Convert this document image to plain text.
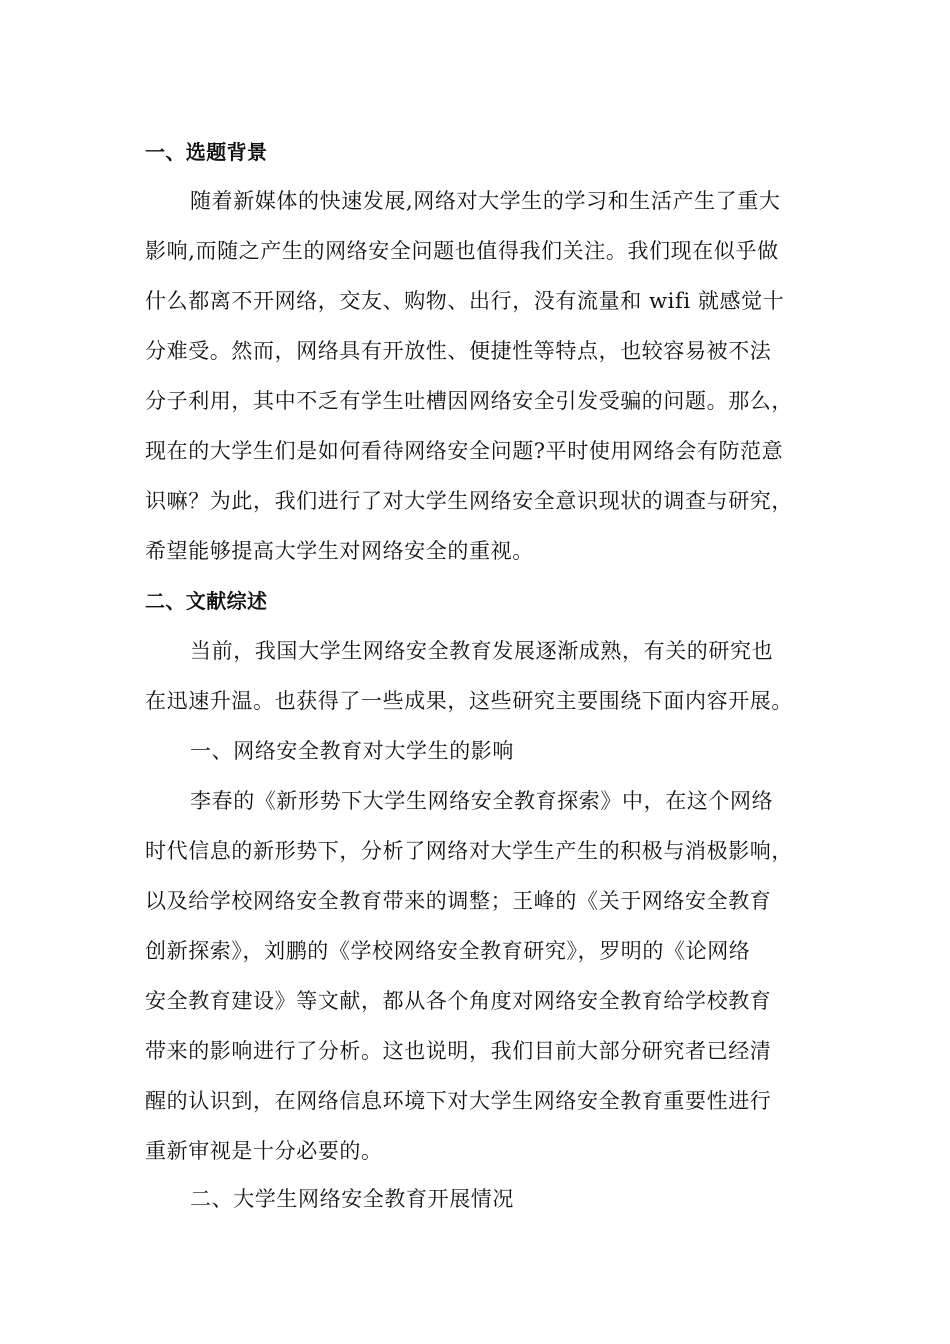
一、选题背景
随着新媒体的快速发展,网络对大学生的学习和生活产生了重大
影响,而随之产生的网络安全问题也值得我们关注。我们现在似乎做
什么都离不开网络，交友、购物、出行，没有流量和 wifi 就感觉十
分难受。然而，网络具有开放性、便捷性等特点，也较容易被不法
分子利用，其中不乏有学生吐槽因网络安全引发受骗的问题。那么，
现在的大学生们是如何看待网络安全问题?平时使用网络会有防范意
识嘛？为此，我们进行了对大学生网络安全意识现状的调查与研究，
希望能够提高大学生对网络安全的重视。
二、文献综述
当前，我国大学生网络安全教育发展逐渐成熟，有关的研究也
在迅速升温。也获得了一些成果，这些研究主要围绕下面内容开展。
一、网络安全教育对大学生的影响
李春的《新形势下大学生网络安全教育探索》中，在这个网络
时代信息的新形势下，分析了网络对大学生产生的积极与消极影响，
以及给学校网络安全教育带来的调整；王峰的《关于网络安全教育
创新探索》，刘鹏的《学校网络安全教育研究》，罗明的《论网络
安全教育建设》等文献，都从各个角度对网络安全教育给学校教育
带来的影响进行了分析。这也说明，我们目前大部分研究者已经清
醒的认识到，在网络信息环境下对大学生网络安全教育重要性进行
重新审视是十分必要的。
二、大学生网络安全教育开展情况
